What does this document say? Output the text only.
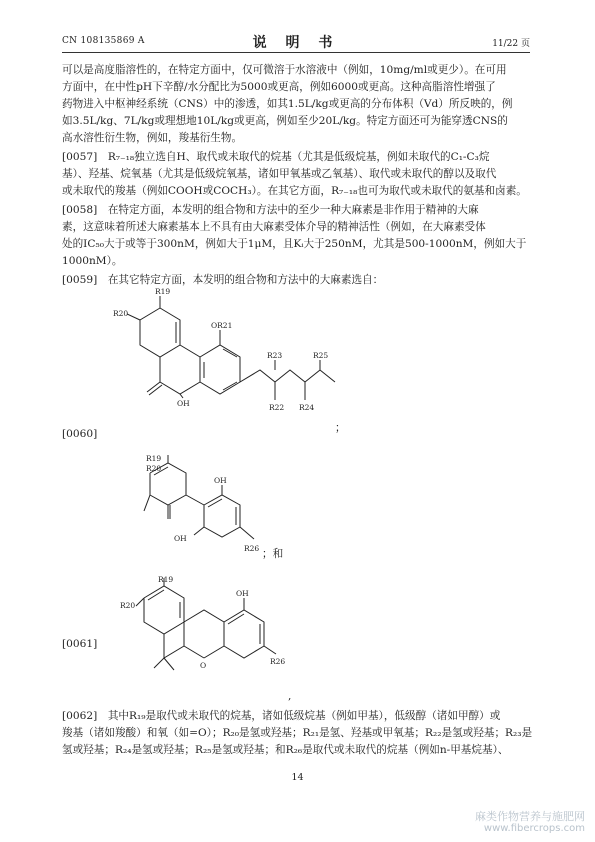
CN 108135869 A	说 明 书	11/22 页
可以是高度脂溶性的，在特定方面中，仅可微溶于水溶液中（例如，10mg/ml或更少）。在可用
方面中，在中性pH下辛醇/水分配比为5000或更高，例如6000或更高。这种高脂溶性增强了
药物进入中枢神经系统（CNS）中的渗透，如其1.5L/kg或更高的分布体积（Vd）所反映的，例
如3.5L/kg、7L/kg或理想地10L/kg或更高，例如至少20L/kg。特定方面还可为能穿透CNS的
高水溶性衍生物，例如，羧基衍生物。
[0057]　R₇₋₁₈独立选自H、取代或未取代的烷基（尤其是低级烷基，例如未取代的C₁-C₃烷
基）、羟基、烷氧基（尤其是低级烷氧基，诸如甲氧基或乙氧基）、取代或未取代的醇以及取代
或未取代的羧基（例如COOH或COCH₃）。在其它方面，R₇₋₁₈也可为取代或未取代的氨基和卤素。
[0058]　在特定方面，本发明的组合物和方法中的至少一种大麻素是非作用于精神的大麻
素，这意味着所述大麻素基本上不具有由大麻素受体介导的精神活性（例如，在大麻素受体
处的IC₅₀大于或等于300nM，例如大于1μM，且Kᵢ大于250nM，尤其是500-1000nM，例如大于
1000nM）。
[0059]　在其它特定方面，本发明的组合物和方法中的大麻素选自：
R19
R20
OR21
OH
R23	R25
R22 R24
；
[0060]
R20
R19
OH
OH
R26 ；和
R19
R20
OH
O	R26
[0061]
,
[0062]　其中R₁₉是取代或未取代的烷基，诸如低级烷基（例如甲基），低级醇（诸如甲醇）或
羧基（诸如羧酸）和氧（如=O）；R₂₀是氢或羟基；R₂₁是氢、羟基或甲氧基；R₂₂是氢或羟基；R₂₃是
氢或羟基；R₂₄是氢或羟基；R₂₅是氢或羟基；和R₂₆是取代或未取代的烷基（例如n-甲基烷基）、
14
麻类作物营养与施肥网
www.fibercrops.com
